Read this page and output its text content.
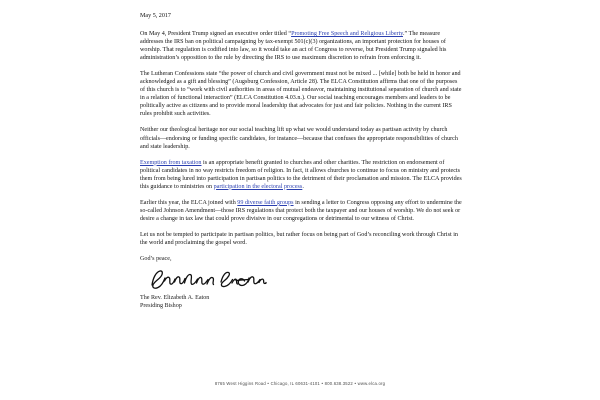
May 5, 2017

On May 4, President Trump signed an executive order titled “Promoting Free Speech and Religious Liberty.” The measure addresses the IRS ban on political campaigning by tax-exempt 501(c)(3) organizations, an important protection for houses of worship. That regulation is codified into law, so it would take an act of Congress to reverse, but President Trump signaled his administration’s opposition to the rule by directing the IRS to use maximum discretion to refrain from enforcing it.

The Lutheran Confessions state “the power of church and civil government must not be mixed ... [while] both be held in honor and acknowledged as a gift and blessing” (Augsburg Confession, Article 28). The ELCA Constitution affirms that one of the purposes of this church is to “work with civil authorities in areas of mutual endeavor, maintaining institutional separation of church and state in a relation of functional interaction” (ELCA Constitution 4.03.n.). Our social teaching encourages members and leaders to be politically active as citizens and to provide moral leadership that advocates for just and fair policies. Nothing in the current IRS rules prohibit such activities.

Neither our theological heritage nor our social teaching lift up what we would understand today as partisan activity by church officials—endorsing or funding specific candidates, for instance—because that confuses the appropriate responsibilities of church and state leadership.

Exemption from taxation is an appropriate benefit granted to churches and other charities. The restriction on endorsement of political candidates in no way restricts freedom of religion. In fact, it allows churches to continue to focus on ministry and protects them from being lured into participation in partisan politics to the detriment of their proclamation and mission. The ELCA provides this guidance to ministries on participation in the electoral process.

Earlier this year, the ELCA joined with 99 diverse faith groups in sending a letter to Congress opposing any effort to undermine the so-called Johnson Amendment—those IRS regulations that protect both the taxpayer and our houses of worship. We do not seek or desire a change in tax law that could prove divisive in our congregations or detrimental to our witness of Christ.

Let us not be tempted to participate in partisan politics, but rather focus on being part of God’s reconciling work through Christ in the world and proclaiming the gospel word.

God’s peace,

The Rev. Elizabeth A. Eaton

Presiding Bishop

8765 West Higgins Road • Chicago, IL 60631-4101 • 800.638.3522 • www.elca.org
